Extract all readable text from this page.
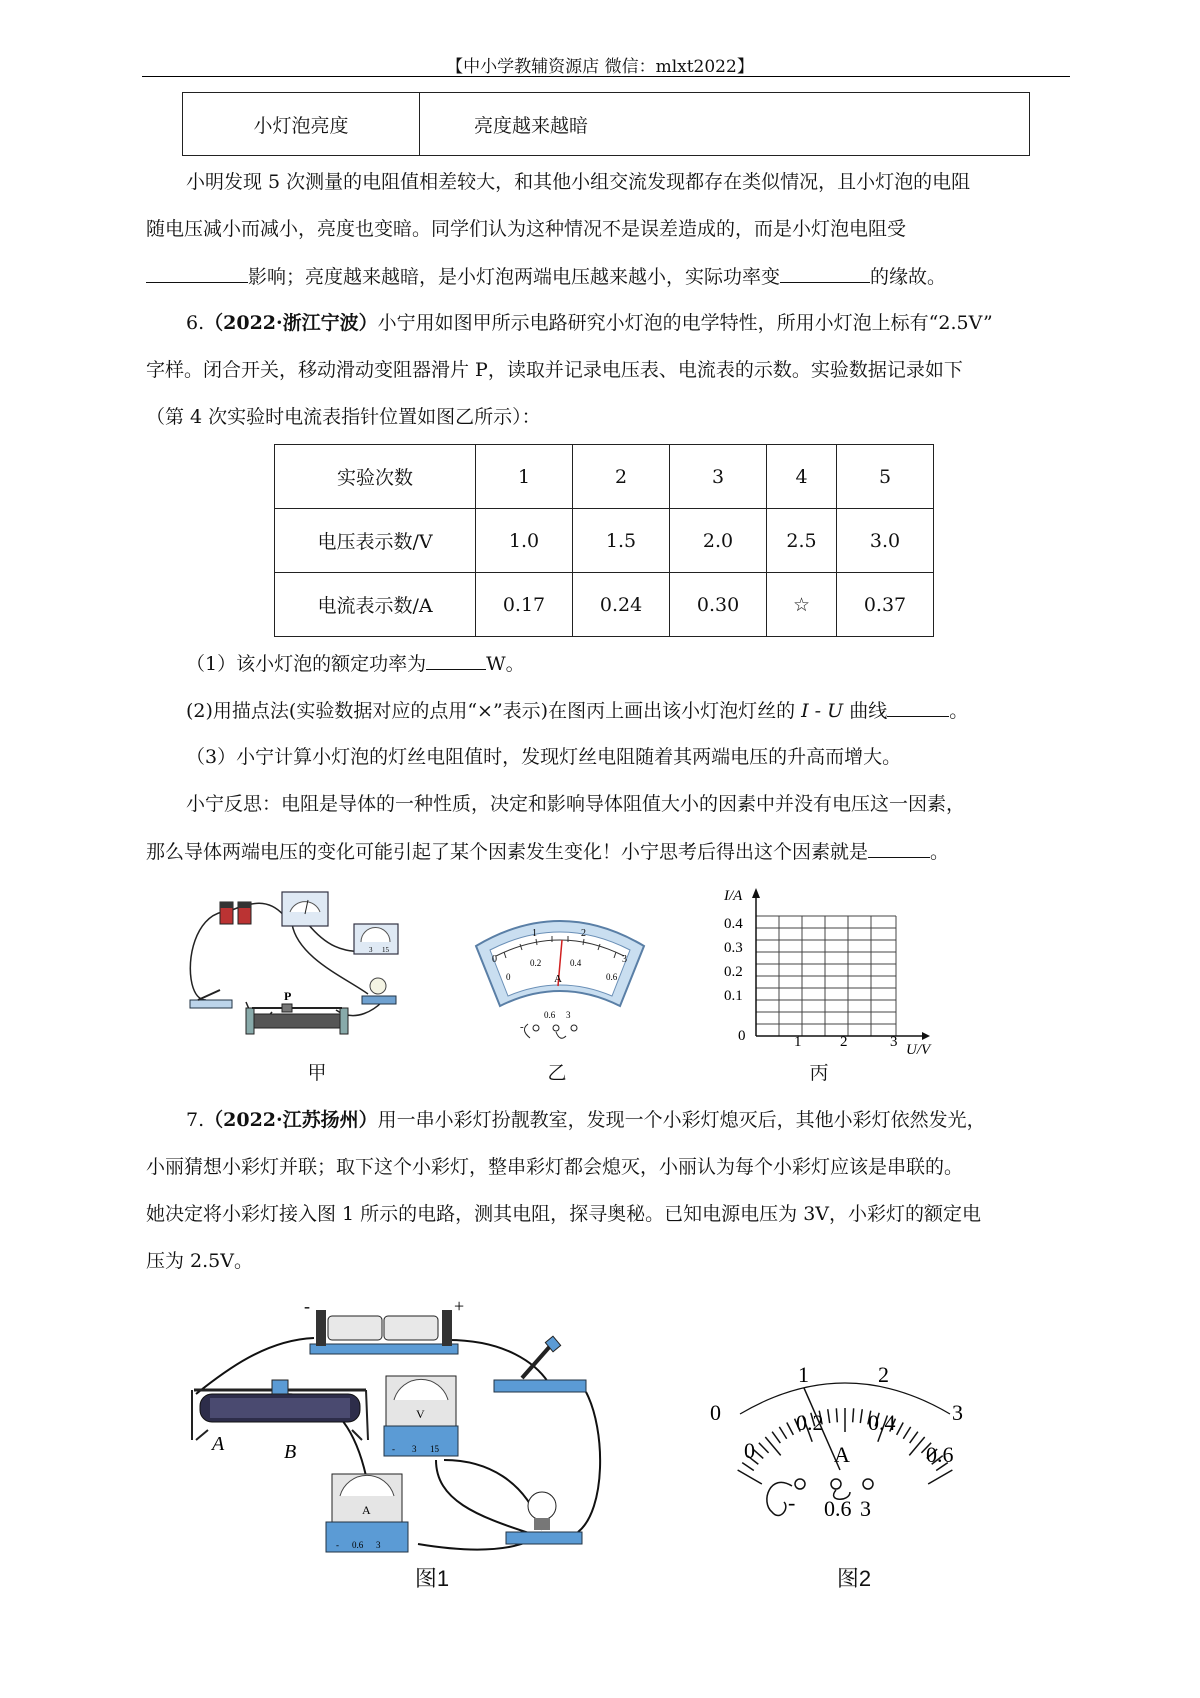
【中小学教辅资源店 微信：mlxt2022】
小灯泡亮度	亮度越来越暗
小明发现 5 次测量的电阻值相差较大，和其他小组交流发现都存在类似情况，且小灯泡的电阻
随电压减小而减小，亮度也变暗。同学们认为这种情况不是误差造成的，而是小灯泡电阻受
影响；亮度越来越暗，是小灯泡两端电压越来越小，实际功率变	的缘故。
6.（2022·浙江宁波）小宁用如图甲所示电路研究小灯泡的电学特性，所用小灯泡上标有“2.5V”
字样。闭合开关，移动滑动变阻器滑片 P，读取并记录电压表、电流表的示数。实验数据记录如下
（第 4 次实验时电流表指针位置如图乙所示）：
实验次数	1	2	3	4	5
电压表示数/V	1.0	1.5	2.0	2.5	3.0
电流表示数/A	0.17	0.24	0.30	☆	0.37
（1）该小灯泡的额定功率为	W。
(2)用描点法(实验数据对应的点用“×”表示)在图丙上画出该小灯泡灯丝的 I - U 曲线	。
（3）小宁计算小灯泡的灯丝电阻值时，发现灯丝电阻随着其两端电压的升高而增大。
小宁反思：电阻是导体的一种性质，决定和影响导体阻值大小的因素中并没有电压这一因素，
那么导体两端电压的变化可能引起了某个因素发生变化！小宁思考后得出这个因素就是	。
3 15
P
甲
0
1	2
3
0
0.2	0.4
0.6
A
0.6 3
-
乙
I/A
0.4
0.3
0.2
0.1
0	1	2	3 U/V
丙
7.（2022·江苏扬州）用一串小彩灯扮靓教室，发现一个小彩灯熄灭后，其他小彩灯依然发光，
小丽猜想小彩灯并联；取下这个小彩灯，整串彩灯都会熄灭，小丽认为每个小彩灯应该是串联的。
她决定将小彩灯接入图 1 所示的电路，测其电阻，探寻奥秘。已知电源电压为 3V，小彩灯的额定电
压为 2.5V。
-	+
A	B
V
- 3 15
A
- 0.6 3
图1
0
1	2
3
0
0.2 0.4
0.6
A
- 0.6 3
图2
